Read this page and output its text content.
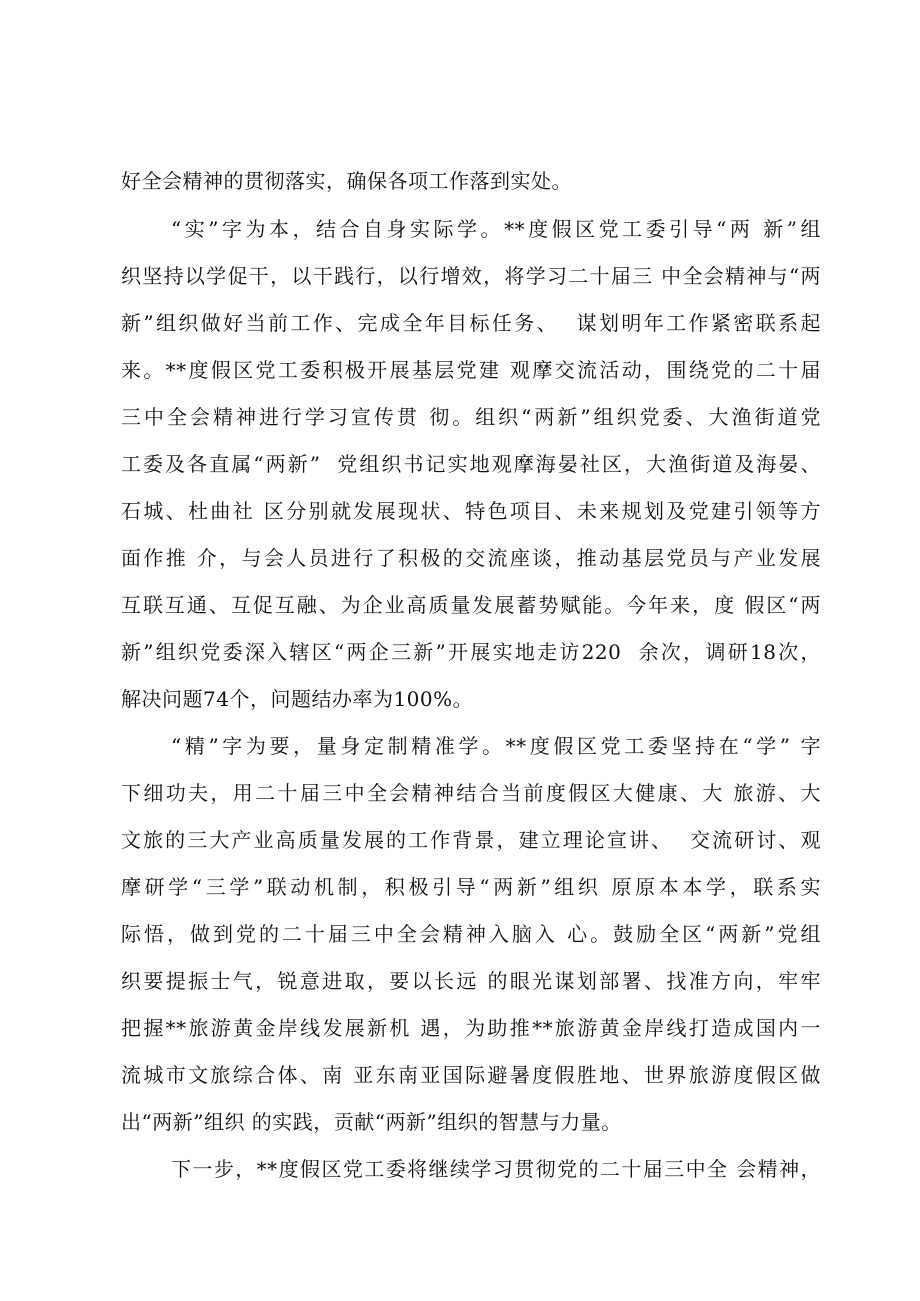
好全会精神的贯彻落实，确保各项工作落到实处。
“实”字为本，结合自身实际学。**度假区党工委引导“两 新”组
织坚持以学促干，以干践行，以行增效，将学习二十届三 中全会精神与“两
新”组织做好当前工作、完成全年目标任务、  谋划明年工作紧密联系起
来。**度假区党工委积极开展基层党建 观摩交流活动，围绕党的二十届
三中全会精神进行学习宣传贯 彻。组织“两新”组织党委、大渔街道党
工委及各直属“两新”  党组织书记实地观摩海晏社区，大渔街道及海晏、
石城、杜曲社 区分别就发展现状、特色项目、未来规划及党建引领等方
面作推 介，与会人员进行了积极的交流座谈，推动基层党员与产业发展
互联互通、互促互融、为企业高质量发展蓄势赋能。今年来，度 假区“两
新”组织党委深入辖区“两企三新”开展实地走访220  余次，调研18次，
解决问题74个，问题结办率为100%。
“精”字为要，量身定制精准学。**度假区党工委坚持在“学” 字
下细功夫，用二十届三中全会精神结合当前度假区大健康、大 旅游、大
文旅的三大产业高质量发展的工作背景，建立理论宣讲、  交流研讨、观
摩研学“三学”联动机制，积极引导“两新”组织 原原本本学，联系实
际悟，做到党的二十届三中全会精神入脑入 心。鼓励全区“两新”党组
织要提振士气，锐意进取，要以长远 的眼光谋划部署、找准方向，牢牢
把握**旅游黄金岸线发展新机 遇，为助推**旅游黄金岸线打造成国内一
流城市文旅综合体、南 亚东南亚国际避暑度假胜地、世界旅游度假区做
出“两新”组织 的实践，贡献“两新”组织的智慧与力量。
下一步，**度假区党工委将继续学习贯彻党的二十届三中全 会精神，
